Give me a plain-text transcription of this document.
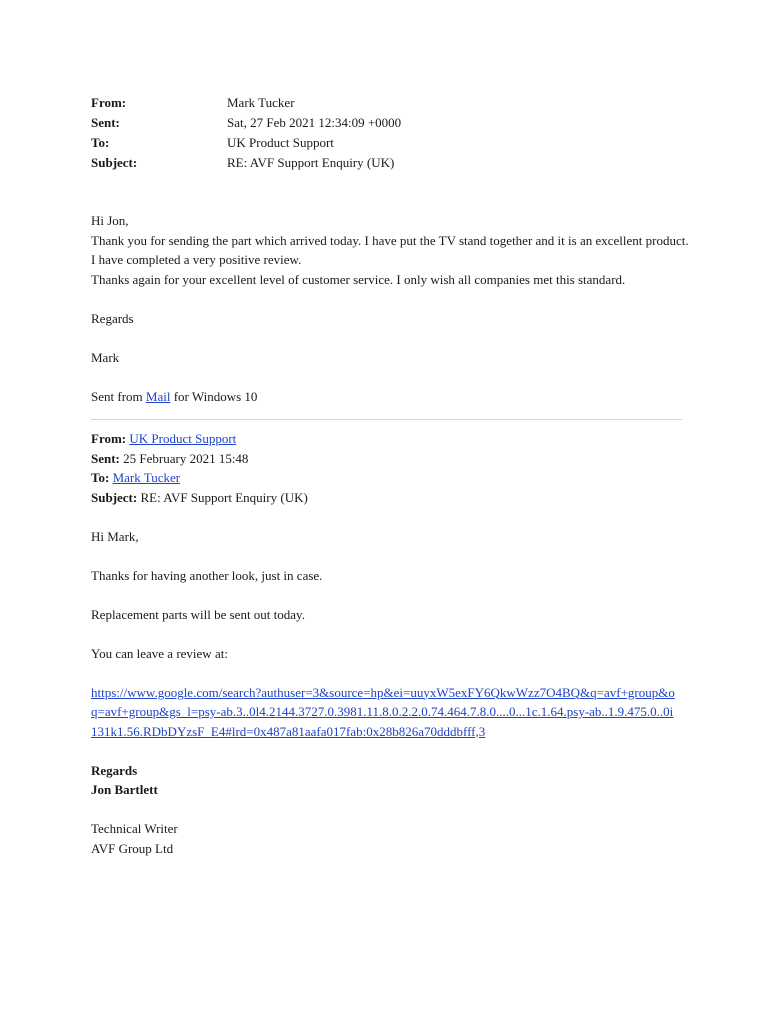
From:	Mark Tucker
Sent:	Sat, 27 Feb 2021 12:34:09 +0000
To:	UK Product Support
Subject:	RE: AVF Support Enquiry (UK)
Hi Jon,
Thank you for sending the part which arrived today. I have put the TV stand together and it is an excellent product.
I have completed a very positive review.
Thanks again for your excellent level of customer service. I only wish all companies met this standard.
Regards
Mark
Sent from Mail for Windows 10
From: UK Product Support
Sent: 25 February 2021 15:48
To: Mark Tucker
Subject: RE: AVF Support Enquiry (UK)
Hi Mark,
Thanks for having another look, just in case.
Replacement parts will be sent out today.
You can leave a review at:
https://www.google.com/search?authuser=3&source=hp&ei=uuyxW5exFY6QkwWzz7O4BQ&q=avf+group&oq=avf+group&gs_l=psy-ab.3..0l4.2144.3727.0.3981.11.8.0.2.2.0.74.464.7.8.0....0...1c.1.64.psy-ab..1.9.475.0..0i131k1.56.RDbDYzsF_E4#lrd=0x487a81aafa017fab:0x28b826a70dddbfff,3
Regards
Jon Bartlett
Technical Writer
AVF Group Ltd
